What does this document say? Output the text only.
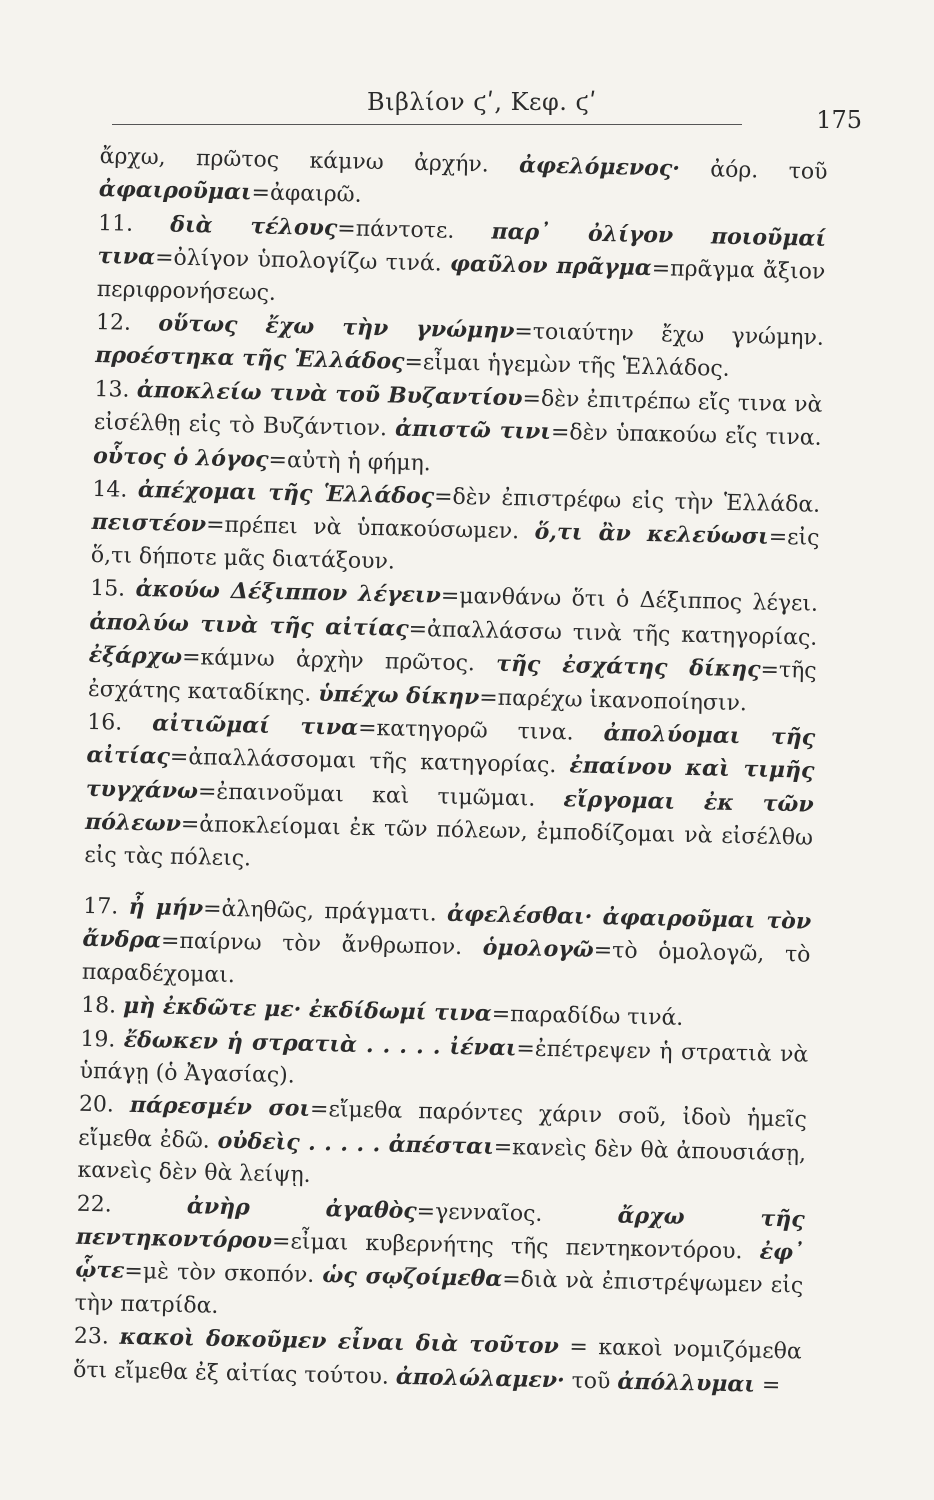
Βιβλίον ϛʹ, Κεφ. ϛʹ
175

ἄρχω, πρῶτος κάμνω ἀρχήν. ἀφελόμενος· ἀόρ. τοῦ ἀφαιροῦμαι=ἀφαιρῶ.

11. διὰ τέλους=πάντοτε. παρ᾽ ὀλίγον ποιοῦμαί τινα=ὀλίγον ὑπολογίζω τινά. φαῦλον πρᾶγμα=πρᾶγμα ἄξιον περιφρονήσεως.

12. οὕτως ἔχω τὴν γνώμην=τοιαύτην ἔχω γνώμην. προέστηκα τῆς Ἑλλάδος=εἶμαι ἡγεμὼν τῆς Ἑλλάδος.

13. ἀποκλείω τινὰ τοῦ Βυζαντίου=δὲν ἐπιτρέπω εἴς τινα νὰ εἰσέλθῃ εἰς τὸ Βυζάντιον. ἀπιστῶ τινι=δὲν ὑπακούω εἴς τινα. οὗτος ὁ λόγος=αὐτὴ ἡ φήμη.

14. ἀπέχομαι τῆς Ἑλλάδος=δὲν ἐπιστρέφω εἰς τὴν Ἑλλάδα. πειστέον=πρέπει νὰ ὑπακούσωμεν. ὅ,τι ἂν κελεύωσι=εἰς ὅ,τι δήποτε μᾶς διατάξουν.

15. ἀκούω Δέξιππον λέγειν=μανθάνω ὅτι ὁ Δέξιππος λέγει. ἀπολύω τινὰ τῆς αἰτίας=ἀπαλλάσσω τινὰ τῆς κατηγορίας. ἐξάρχω=κάμνω ἀρχὴν πρῶτος. τῆς ἐσχάτης δίκης=τῆς ἐσχάτης καταδίκης. ὑπέχω δίκην=παρέχω ἱκανοποίησιν.

16. αἰτιῶμαί τινα=κατηγορῶ τινα. ἀπολύομαι τῆς αἰτίας=ἀπαλλάσσομαι τῆς κατηγορίας. ἐπαίνου καὶ τιμῆς τυγχάνω=ἐπαινοῦμαι καὶ τιμῶμαι. εἴργομαι ἐκ τῶν πόλεων=ἀποκλείομαι ἐκ τῶν πόλεων, ἐμποδίζομαι νὰ εἰσέλθω εἰς τὰς πόλεις.

17. ἦ μήν=ἀληθῶς, πράγματι. ἀφελέσθαι· ἀφαιροῦμαι τὸν ἄνδρα=παίρνω τὸν ἄνθρωπον. ὁμολογῶ=τὸ ὁμολογῶ, τὸ παραδέχομαι.

18. μὴ ἐκδῶτε με· ἐκδίδωμί τινα=παραδίδω τινά.

19. ἔδωκεν ἡ στρατιὰ . . . . . ἰέναι=ἐπέτρεψεν ἡ στρατιὰ νὰ ὑπάγῃ (ὁ Ἀγασίας).

20. πάρεσμέν σοι=εἴμεθα παρόντες χάριν σοῦ, ἰδοὺ ἡμεῖς εἴμεθα ἐδῶ. οὐδεὶς . . . . . ἀπέσται=κανεὶς δὲν θὰ ἀπουσιάσῃ, κανεὶς δὲν θὰ λείψῃ.

22. ἀνὴρ ἀγαθὸς=γενναῖος. ἄρχω τῆς πεντηκοντόρου=εἶμαι κυβερνήτης τῆς πεντηκοντόρου. ἐφ᾽ ᾧτε=μὲ τὸν σκοπόν. ὡς σῳζοίμεθα=διὰ νὰ ἐπιστρέψωμεν εἰς τὴν πατρίδα.

23. κακοὶ δοκοῦμεν εἶναι διὰ τοῦτον = κακοὶ νομιζόμεθα ὅτι εἴμεθα ἐξ αἰτίας τούτου. ἀπολώλαμεν· τοῦ ἀπόλλυμαι =
